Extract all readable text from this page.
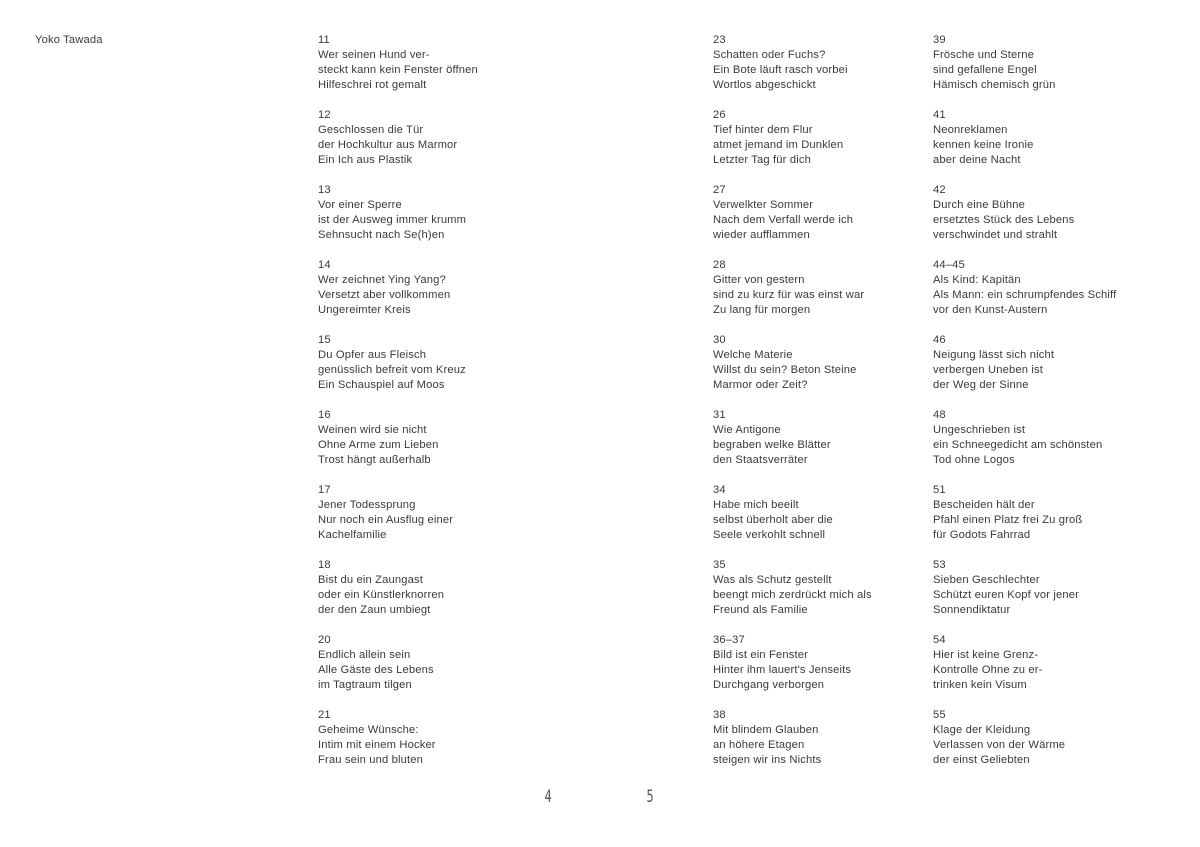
Yoko Tawada	11
Wer seinen Hund ver-
steckt kann kein Fenster öffnen
Hilfeschrei rot gemalt
12
Geschlossen die Tür
der Hochkultur aus Marmor
Ein Ich aus Plastik
13
Vor einer Sperre
ist der Ausweg immer krumm
Sehnsucht nach Se(h)en
14
Wer zeichnet Ying Yang?
Versetzt aber vollkommen
Ungereimter Kreis
15
Du Opfer aus Fleisch
genüsslich befreit vom Kreuz
Ein Schauspiel auf Moos
16
Weinen wird sie nicht
Ohne Arme zum Lieben
Trost hängt außerhalb
17
Jener Todessprung
Nur noch ein Ausflug einer
Kachelfamilie
18
Bist du ein Zaungast
oder ein Künstlerknorren
der den Zaun umbiegt
20
Endlich allein sein
Alle Gäste des Lebens
im Tagtraum tilgen
21
Geheime Wünsche:
Intim mit einem Hocker
Frau sein und bluten
23
Schatten oder Fuchs?
Ein Bote läuft rasch vorbei
Wortlos abgeschickt
26
Tief hinter dem Flur
atmet jemand im Dunklen
Letzter Tag für dich
27
Verwelkter Sommer
Nach dem Verfall werde ich
wieder aufflammen
28
Gitter von gestern
sind zu kurz für was einst war
Zu lang für morgen
30
Welche Materie
Willst du sein? Beton Steine
Marmor oder Zeit?
31
Wie Antigone
begraben welke Blätter
den Staatsverräter
34
Habe mich beeilt
selbst überholt aber die
Seele verkohlt schnell
35
Was als Schutz gestellt
beengt mich zerdrückt mich als
Freund als Familie
36–37
Bild ist ein Fenster
Hinter ihm lauert's Jenseits
Durchgang verborgen
38
Mit blindem Glauben
an höhere Etagen
steigen wir ins Nichts
39
Frösche und Sterne
sind gefallene Engel
Hämisch chemisch grün
41
Neonreklamen
kennen keine Ironie
aber deine Nacht
42
Durch eine Bühne
ersetztes Stück des Lebens
verschwindet und strahlt
44–45
Als Kind: Kapitän
Als Mann: ein schrumpfendes Schiff
vor den Kunst-Austern
46
Neigung lässt sich nicht
verbergen Uneben ist
der Weg der Sinne
48
Ungeschrieben ist
ein Schneegedicht am schönsten
Tod ohne Logos
51
Bescheiden hält der
Pfahl einen Platz frei Zu groß
für Godots Fahrrad
53
Sieben Geschlechter
Schützt euren Kopf vor jener
Sonnendiktatur
54
Hier ist keine Grenz-
Kontrolle Ohne zu er-
trinken kein Visum
55
Klage der Kleidung
Verlassen von der Wärme
der einst Geliebten
4	5
